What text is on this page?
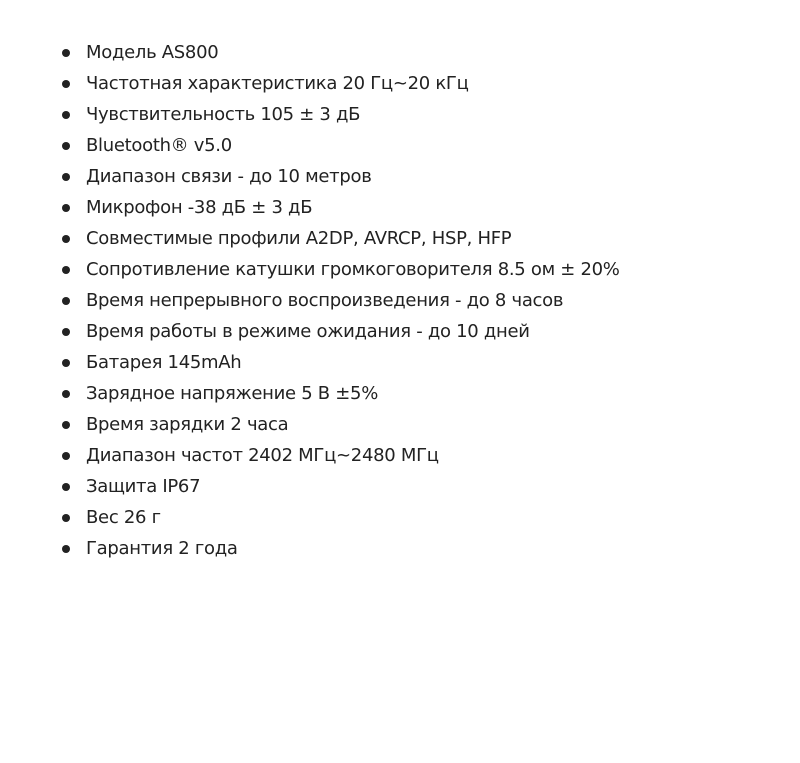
Модель AS800
Частотная характеристика 20 Гц~20 кГц
Чувствительность 105 ± 3 дБ
Bluetooth® v5.0
Диапазон связи - до 10 метров
Микрофон -38 дБ ± 3 дБ
Совместимые профили A2DP, AVRCP, HSP, HFP
Сопротивление катушки громкоговорителя 8.5 ом ± 20%
Время непрерывного воспроизведения - до 8 часов
Время работы в режиме ожидания - до 10 дней
Батарея 145mAh
Зарядное напряжение 5 В ±5%
Время зарядки 2 часа
Диапазон частот 2402 МГц~2480 МГц
Защита IP67
Вес 26 г
Гарантия 2 года
